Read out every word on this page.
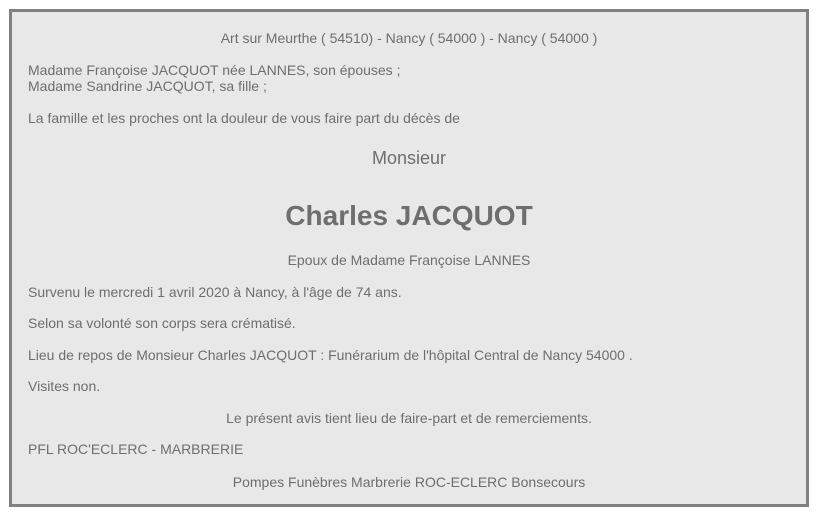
Art sur Meurthe ( 54510) - Nancy ( 54000 ) - Nancy ( 54000 )
Madame Françoise JACQUOT née LANNES, son épouses ;
Madame Sandrine JACQUOT, sa fille ;
La famille et les proches ont la douleur de vous faire part du décès de
Monsieur
Charles JACQUOT
Epoux de Madame Françoise LANNES
Survenu le mercredi 1 avril 2020 à Nancy, à l'âge de 74 ans.
Selon sa volonté son corps sera crématisé.
Lieu de repos de Monsieur Charles JACQUOT : Funérarium de l'hôpital Central de Nancy 54000 .
Visites non.
Le présent avis tient lieu de faire-part et de remerciements.
PFL ROC'ECLERC - MARBRERIE
Pompes Funèbres Marbrerie ROC-ECLERC Bonsecours
